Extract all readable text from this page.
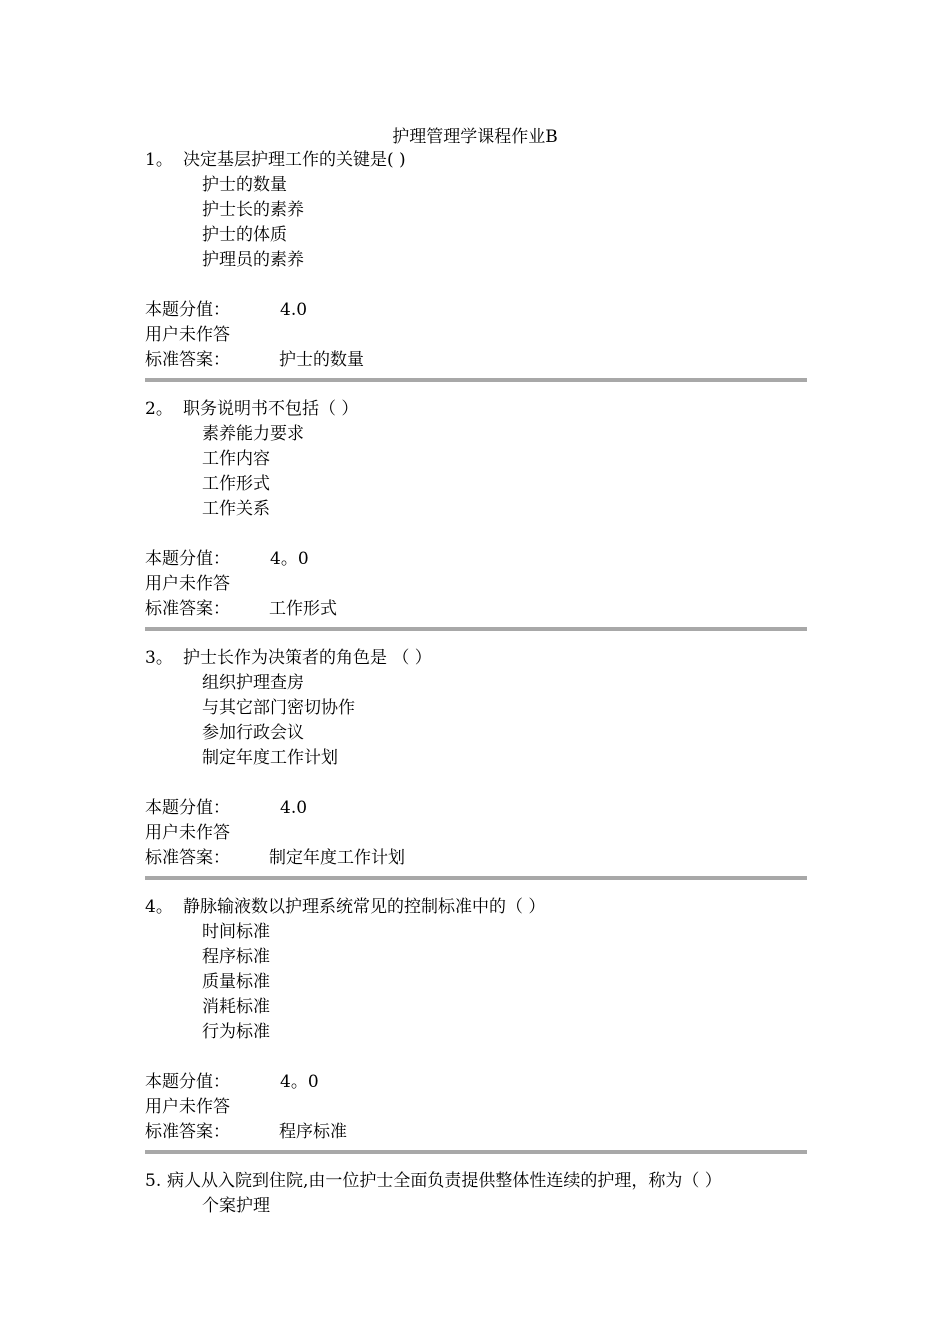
护理管理学课程作业B
1。 决定基层护理工作的关键是( )
护士的数量
护士长的素养
护士的体质
护理员的素养
本题分值：	4.0
用户未作答
标准答案：	护士的数量
2。 职务说明书不包括（ ）
素养能力要求
工作内容
工作形式
工作关系
本题分值： 4。0
用户未作答
标准答案： 工作形式
3。 护士长作为决策者的角色是 （ ）
组织护理查房
与其它部门密切协作
参加行政会议
制定年度工作计划
本题分值：	4.0
用户未作答
标准答案： 制定年度工作计划
4。 静脉输液数以护理系统常见的控制标准中的（ ）
时间标准
程序标准
质量标准
消耗标准
行为标准
本题分值：	4。0
用户未作答
标准答案：	程序标准
5. 病人从入院到住院,由一位护士全面负责提供整体性连续的护理，称为（ ）
个案护理
